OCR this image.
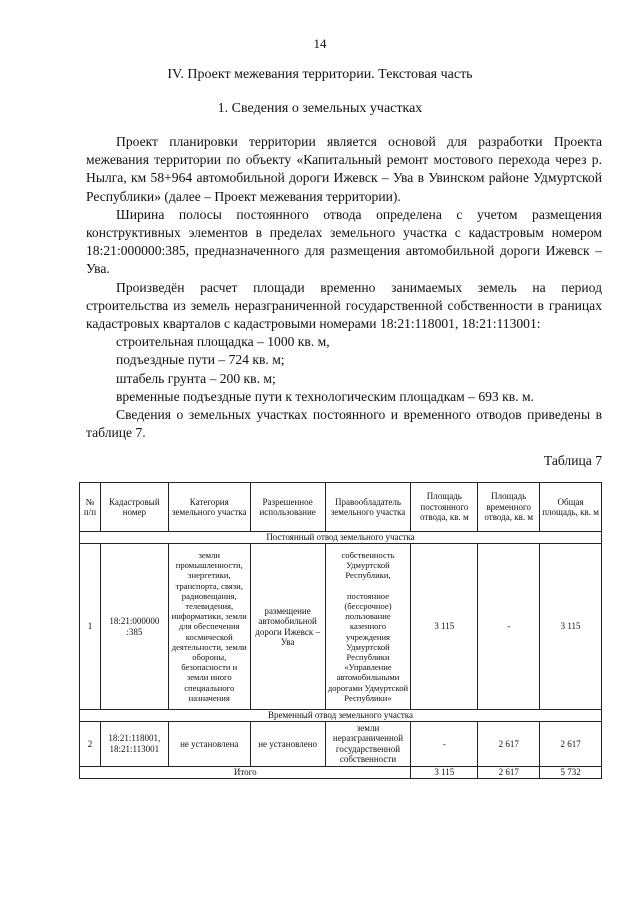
14
IV. Проект межевания территории. Текстовая часть
1. Сведения о земельных участках

Проект планировки территории является основой для разработки Проекта межевания территории по объекту «Капитальный ремонт мостового перехода через р. Нылга, км 58+964 автомобильной дороги Ижевск – Ува в Увинском районе Удмуртской Республики» (далее – Проект межевания территории).

Ширина полосы постоянного отвода определена с учетом размещения конструктивных элементов в пределах земельного участка с кадастровым номером 18:21:000000:385, предназначенного для размещения автомобильной дороги Ижевск – Ува.

Произведён расчет площади временно занимаемых земель на период строительства из земель неразграниченной государственной собственности в границах кадастровых кварталов с кадастровыми номерами 18:21:118001, 18:21:113001:

строительная площадка – 1000 кв. м,

подъездные пути – 724 кв. м;

штабель грунта – 200 кв. м;

временные подъездные пути к технологическим площадкам – 693 кв. м.

Сведения о земельных участках постоянного и временного отводов приведены в таблице 7.

Таблица 7
№ п/п	Кадастровый номер	Категория земельного участка	Разрешенное использование	Правообладатель земельного участка	Площадь постоянного отвода, кв. м	Площадь временного отвода, кв. м	Общая площадь, кв. м
Постоянный отвод земельного участка							
1	18:21:000000 :385	земли промышленности, энергетики, транспорта, связи, радиовещания, телевидения, информатики, земли для обеспечения космической деятельности, земли обороны, безопасности и земли иного специального назначения	размещение автомобильной дороги Ижевск – Ува	собственность Удмуртской Республики,
постоянное (бессрочное) пользование казенного учреждения Удмуртской Республики «Управление автомобильными дорогами Удмуртской Республики»	3 115	-	3 115
Временный отвод земельного участка							
2	18:21:118001, 18:21:113001	не установлена	не установлено	земли неразграниченной государственной собственности	-	2 617	2 617
Итого					3 115	2 617	5 732
